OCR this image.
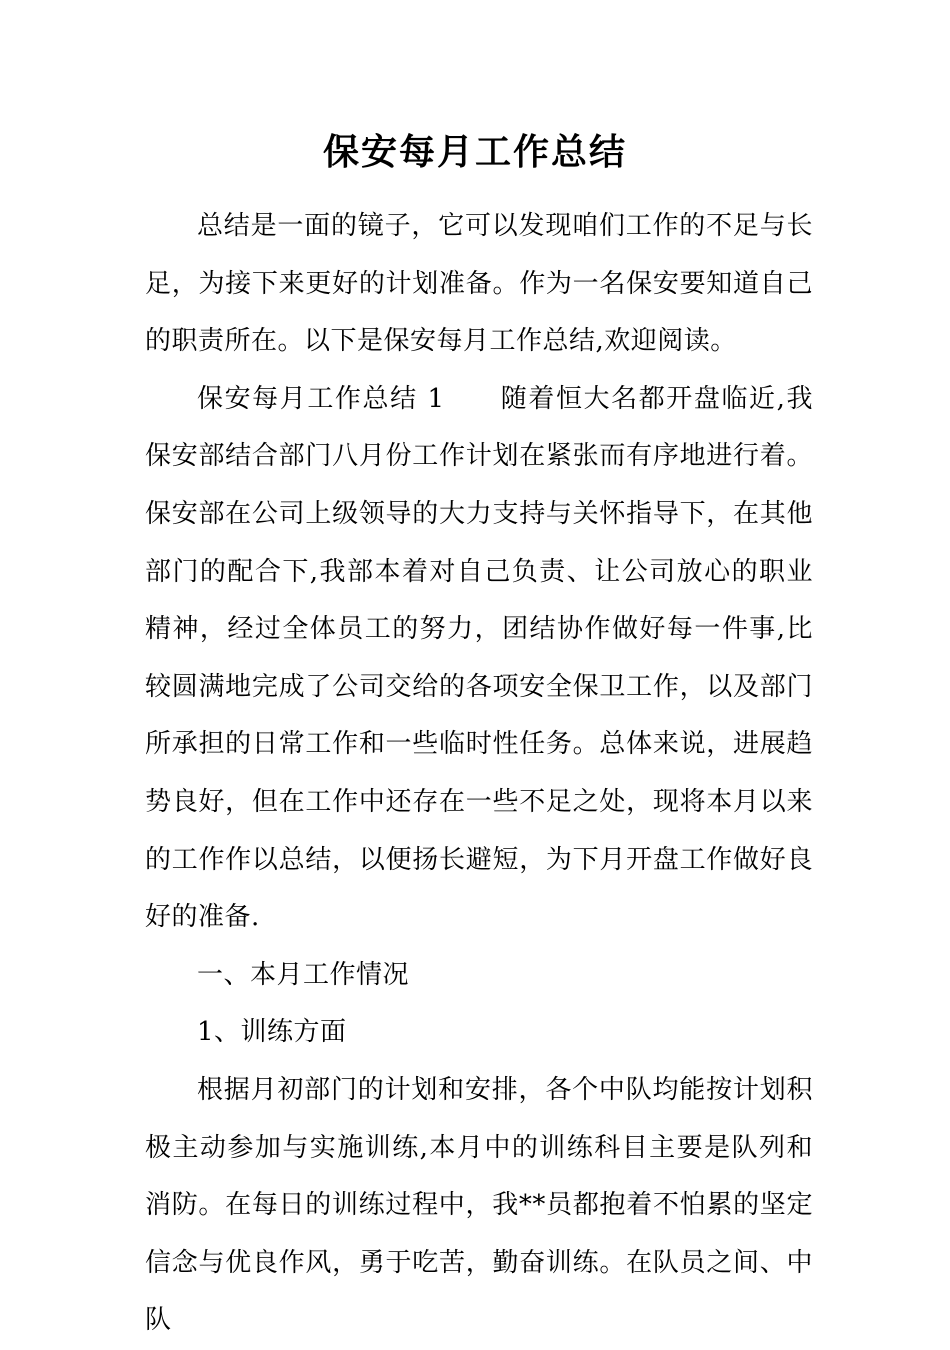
保安每月工作总结

总结是一面的镜子，它可以发现咱们工作的不足与长足，为接下来更好的计划准备。作为一名保安要知道自己的职责所在。以下是保安每月工作总结,欢迎阅读。

保安每月工作总结 1　　随着恒大名都开盘临近,我保安部结合部门八月份工作计划在紧张而有序地进行着。保安部在公司上级领导的大力支持与关怀指导下，在其他部门的配合下,我部本着对自己负责、让公司放心的职业精神，经过全体员工的努力，团结协作做好每一件事,比较圆满地完成了公司交给的各项安全保卫工作，以及部门所承担的日常工作和一些临时性任务。总体来说，进展趋势良好，但在工作中还存在一些不足之处，现将本月以来的工作作以总结，以便扬长避短，为下月开盘工作做好良好的准备.

一、本月工作情况

1、训练方面

根据月初部门的计划和安排，各个中队均能按计划积极主动参加与实施训练,本月中的训练科目主要是队列和消防。在每日的训练过程中，我**员都抱着不怕累的坚定信念与优良作风，勇于吃苦，勤奋训练。在队员之间、中队
